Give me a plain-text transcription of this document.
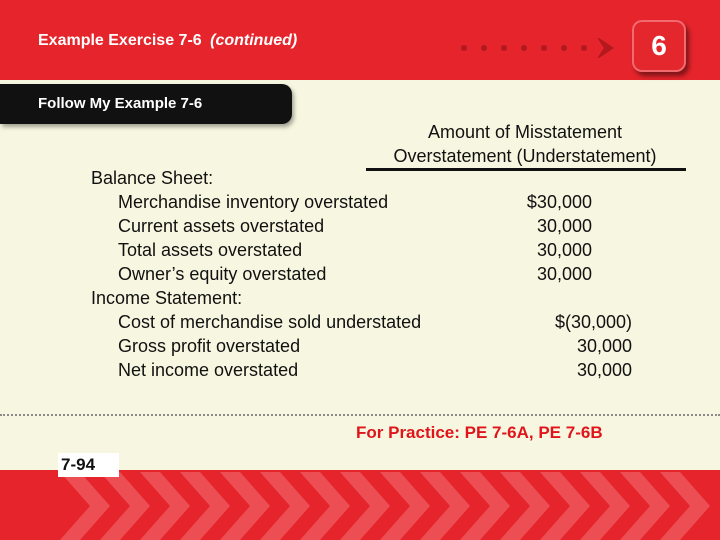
Example Exercise 7-6 (continued)	6
Follow My Example 7-6
Amount of Misstatement
Overstatement (Understatement)
Balance Sheet:
Merchandise inventory overstated	$30,000
Current assets overstated	30,000
Total assets overstated	30,000
Owner’s equity overstated	30,000
Income Statement:
Cost of merchandise sold understated	$(30,000)
Gross profit overstated	30,000
Net income overstated	30,000
For Practice: PE 7-6A, PE 7-6B
7-94
